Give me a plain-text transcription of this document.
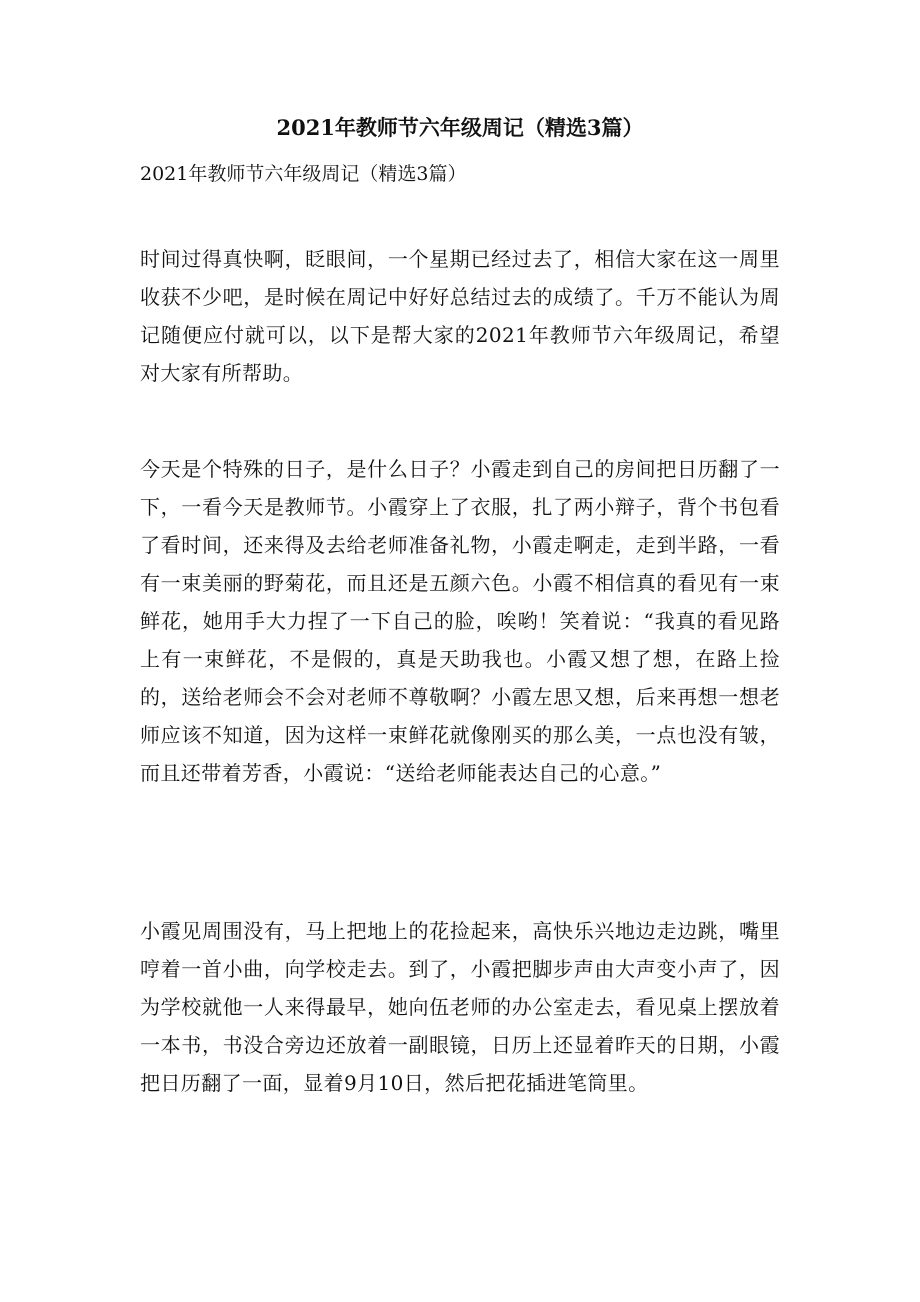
2021年教师节六年级周记（精选3篇）
2021年教师节六年级周记（精选3篇）
时间过得真快啊，眨眼间，一个星期已经过去了，相信大家在这一周里收获不少吧，是时候在周记中好好总结过去的成绩了。千万不能认为周记随便应付就可以，以下是帮大家的2021年教师节六年级周记，希望对大家有所帮助。
今天是个特殊的日子，是什么日子？小霞走到自己的房间把日历翻了一下，一看今天是教师节。小霞穿上了衣服，扎了两小辩子，背个书包看了看时间，还来得及去给老师准备礼物，小霞走啊走，走到半路，一看有一束美丽的野菊花，而且还是五颜六色。小霞不相信真的看见有一束鲜花，她用手大力捏了一下自己的脸，唉哟！笑着说：“我真的看见路上有一束鲜花，不是假的，真是天助我也。小霞又想了想，在路上捡的，送给老师会不会对老师不尊敬啊？小霞左思又想，后来再想一想老师应该不知道，因为这样一束鲜花就像刚买的那么美，一点也没有皱，而且还带着芳香，小霞说：“送给老师能表达自己的心意。”
小霞见周围没有，马上把地上的花捡起来，高快乐兴地边走边跳，嘴里哼着一首小曲，向学校走去。到了，小霞把脚步声由大声变小声了，因为学校就他一人来得最早，她向伍老师的办公室走去，看见桌上摆放着一本书，书没合旁边还放着一副眼镜，日历上还显着昨天的日期，小霞把日历翻了一面，显着9月10日，然后把花插进笔筒里。
